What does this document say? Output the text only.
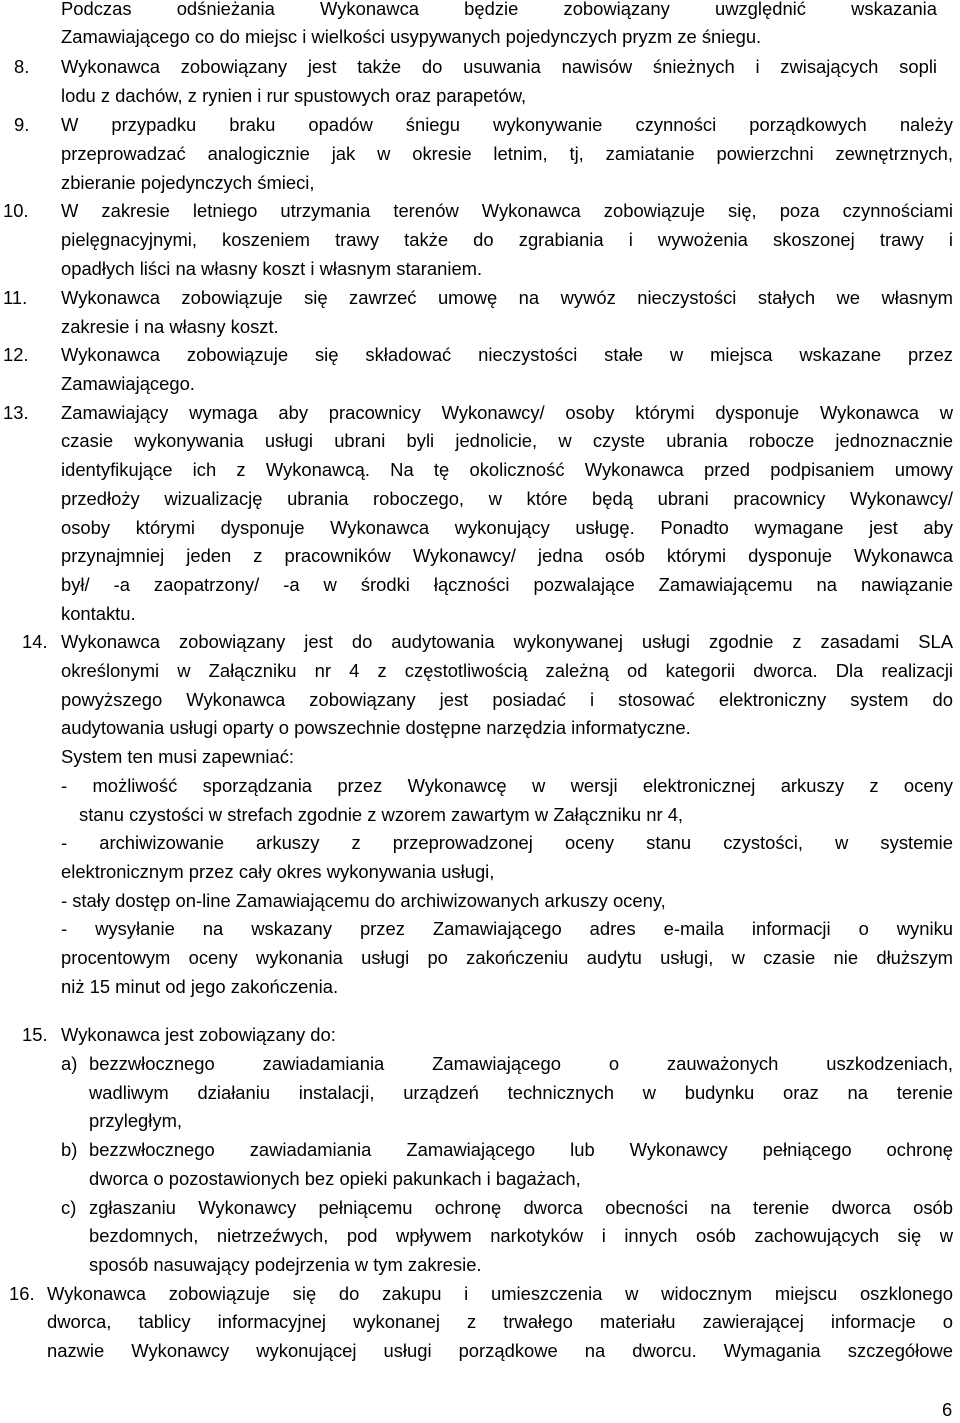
Podczas odśnieżania Wykonawca będzie zobowiązany uwzględnić wskazania
Zamawiającego co do miejsc i wielkości usypywanych pojedynczych pryzm ze śniegu.
8. Wykonawca zobowiązany jest także do usuwania nawisów śnieżnych i zwisających sopli
lodu z dachów, z rynien i rur spustowych oraz parapetów,
9. W przypadku braku opadów śniegu wykonywanie czynności porządkowych należy
przeprowadzać analogicznie jak w okresie letnim, tj, zamiatanie powierzchni zewnętrznych,
zbieranie pojedynczych śmieci,
10. W zakresie letniego utrzymania terenów Wykonawca zobowiązuje się, poza czynnościami
pielęgnacyjnymi, koszeniem trawy także do zgrabiania i wywożenia skoszonej trawy i
opadłych liści na własny koszt i własnym staraniem.
11. Wykonawca zobowiązuje się zawrzeć umowę na wywóz nieczystości stałych we własnym
zakresie i na własny koszt.
12. Wykonawca zobowiązuje się składować nieczystości stałe w miejsca wskazane przez
Zamawiającego.
13. Zamawiający wymaga aby pracownicy Wykonawcy/ osoby którymi dysponuje Wykonawca w
czasie wykonywania usługi ubrani byli jednolicie, w czyste ubrania robocze jednoznacznie
identyfikujące ich z Wykonawcą. Na tę okoliczność Wykonawca przed podpisaniem umowy
przedłoży wizualizację ubrania roboczego, w które będą ubrani pracownicy Wykonawcy/
osoby którymi dysponuje Wykonawca wykonujący usługę. Ponadto wymagane jest aby
przynajmniej jeden z pracowników Wykonawcy/ jedna osób którymi dysponuje Wykonawca
był/ -a zaopatrzony/ -a w środki łączności pozwalające Zamawiającemu na nawiązanie
kontaktu.
14. Wykonawca zobowiązany jest do audytowania wykonywanej usługi zgodnie z zasadami SLA
określonymi w Załączniku nr 4 z częstotliwością zależną od kategorii dworca. Dla realizacji
powyższego Wykonawca zobowiązany jest posiadać i stosować elektroniczny system do
audytowania usługi oparty o powszechnie dostępne narzędzia informatyczne.
System ten musi zapewniać:
- możliwość sporządzania przez Wykonawcę w wersji elektronicznej arkuszy z oceny
stanu czystości w strefach zgodnie z wzorem zawartym w Załączniku nr 4,
- archiwizowanie arkuszy z przeprowadzonej oceny stanu czystości, w systemie
elektronicznym przez cały okres wykonywania usługi,
- stały dostęp on-line Zamawiającemu do archiwizowanych arkuszy oceny,
- wysyłanie na wskazany przez Zamawiającego adres e-maila informacji o wyniku
procentowym oceny wykonania usługi po zakończeniu audytu usługi, w czasie nie dłuższym
niż 15 minut od jego zakończenia.
15. Wykonawca jest zobowiązany do:
a) bezzwłocznego zawiadamiania Zamawiającego o zauważonych uszkodzeniach,
wadliwym działaniu instalacji, urządzeń technicznych w budynku oraz na terenie
przyległym,
b) bezzwłocznego zawiadamiania Zamawiającego lub Wykonawcy pełniącego ochronę
dworca o pozostawionych bez opieki pakunkach i bagażach,
c) zgłaszaniu Wykonawcy pełniącemu ochronę dworca obecności na terenie dworca osób
bezdomnych, nietrzeźwych, pod wpływem narkotyków i innych osób zachowujących się w
sposób nasuwający podejrzenia w tym zakresie.
16. Wykonawca zobowiązuje się do zakupu i umieszczenia w widocznym miejscu oszklonego
dworca, tablicy informacyjnej wykonanej z trwałego materiału zawierającej informacje o
nazwie Wykonawcy wykonującej usługi porządkowe na dworcu. Wymagania szczegółowe
6
